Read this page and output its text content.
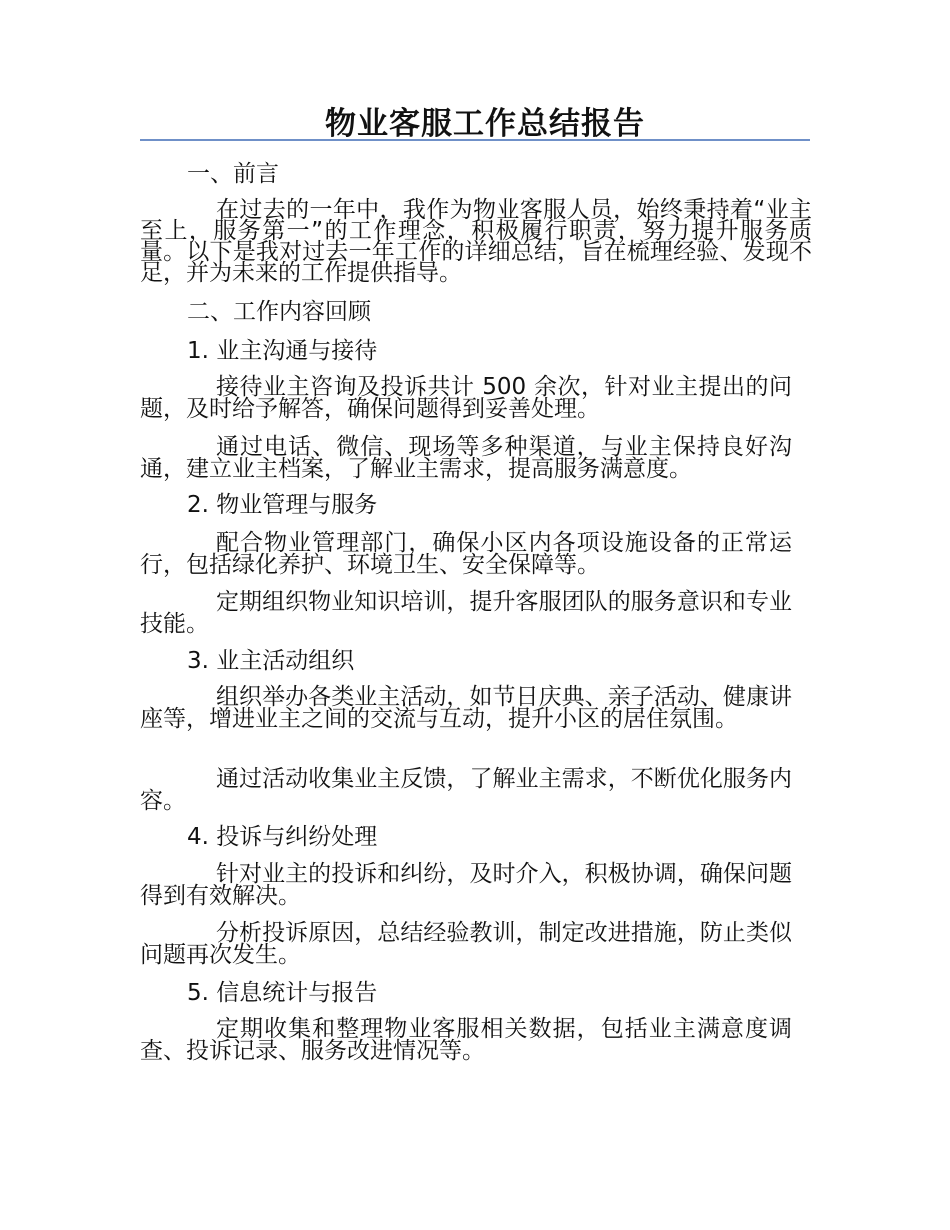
物业客服工作总结报告

一、前言

在过去的一年中，我作为物业客服人员，始终秉持着“业主至上，服务第一”的工作理念，积极履行职责，努力提升服务质量。以下是我对过去一年工作的详细总结，旨在梳理经验、发现不足，并为未来的工作提供指导。

二、工作内容回顾

1. 业主沟通与接待

接待业主咨询及投诉共计 500 余次，针对业主提出的问题，及时给予解答，确保问题得到妥善处理。

通过电话、微信、现场等多种渠道，与业主保持良好沟通，建立业主档案，了解业主需求，提高服务满意度。

2. 物业管理与服务

配合物业管理部门，确保小区内各项设施设备的正常运行，包括绿化养护、环境卫生、安全保障等。

定期组织物业知识培训，提升客服团队的服务意识和专业技能。

3. 业主活动组织

组织举办各类业主活动，如节日庆典、亲子活动、健康讲座等，增进业主之间的交流与互动，提升小区的居住氛围。

通过活动收集业主反馈，了解业主需求，不断优化服务内容。

4. 投诉与纠纷处理

针对业主的投诉和纠纷，及时介入，积极协调，确保问题得到有效解决。

分析投诉原因，总结经验教训，制定改进措施，防止类似问题再次发生。

5. 信息统计与报告

定期收集和整理物业客服相关数据，包括业主满意度调查、投诉记录、服务改进情况等。
